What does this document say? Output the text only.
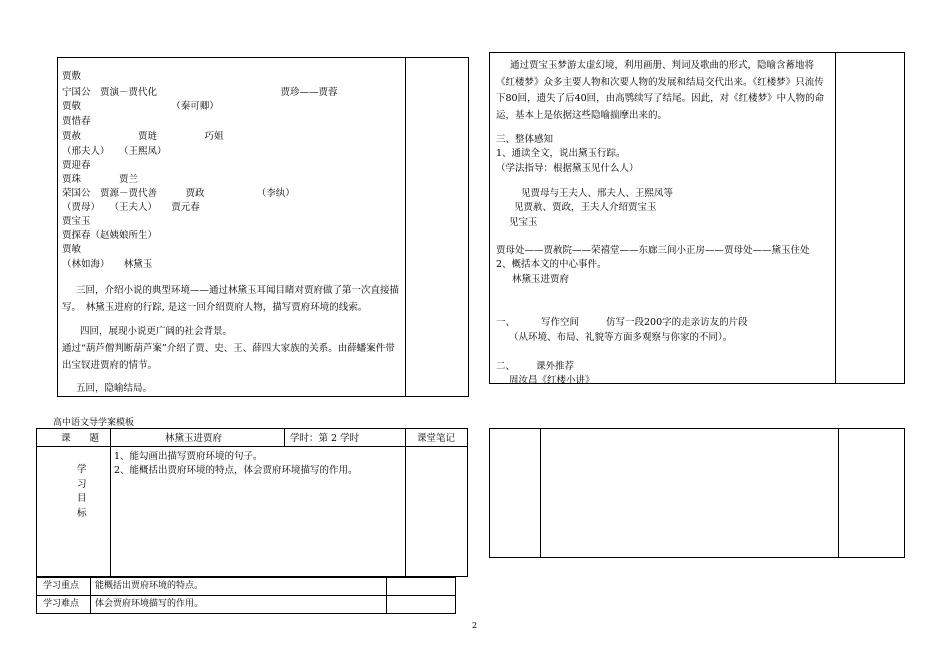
贾敷
宁国公　贾演－贾代化　　　　　　　　　　　　　贾珍——贾蓉
贾敬　　　　　　　　　　（秦可卿）
贾惜春
贾赦　　　　　　贾琏　　　　　巧姐
（邢夫人）　　（王熙凤）
贾迎春
贾珠　　　　贾兰
荣国公　贾源－贾代善　　　贾政　　　　　　（李纨）
（贾母）　　（王夫人）　　贾元春
贾宝玉
贾探春（赵姨娘所生）
贾敏
（林如海）　　林黛玉
三回，介绍小说的典型环境——通过林黛玉耳闻目睹对贾府做了第一次直接描写。　林黛玉进府的行踪, 是这一回介绍贾府人物，描写贾府环境的线索。
四回，展现小说更广阔的社会背景。
通过“葫芦僧判断葫芦案”介绍了贾、史、王、薛四大家族的关系。由薛蟠案件带出宝钗进贾府的情节。
五回，隐喻结局。
通过贾宝玉梦游太虚幻境，利用画册、判词及歌曲的形式，隐喻含蓄地将《红楼梦》众多主要人物和次要人物的发展和结局交代出来。《红楼梦》只流传下80回，遗失了后40回，由高鹗续写了结尾。因此，对《红楼梦》中人物的命运，基本上是依据这些隐喻揣摩出来的。
三、整体感知
1、通读全文，说出黛玉行踪。
（学法指导：根据黛玉见什么人）
见贾母与王夫人、邢夫人、王熙凤等
见贾赦、贾政，王夫人介绍贾宝玉
见宝玉
贾母处——贾赦院——荣禧堂——东廊三间小正房——贾母处——黛玉住处
2、概括本文的中心事件。
林黛玉进贾府
一、	写作空间	仿写一段200字的走亲访友的片段
（从环境、布局、礼貌等方面多观察与你家的不同）。
二、 课外推荐
周汝昌《红楼小讲》
高中语文导学案模板
课　　题	林黛玉进贾府	学时：第 2 学时	课堂笔记
学
习
目
标
1、能勾画出描写贾府环境的句子。
2、能概括出贾府环境的特点，体会贾府环境描写的作用。
学习重点 能概括出贾府环境的特点。
学习难点 体会贾府环境描写的作用。
2
